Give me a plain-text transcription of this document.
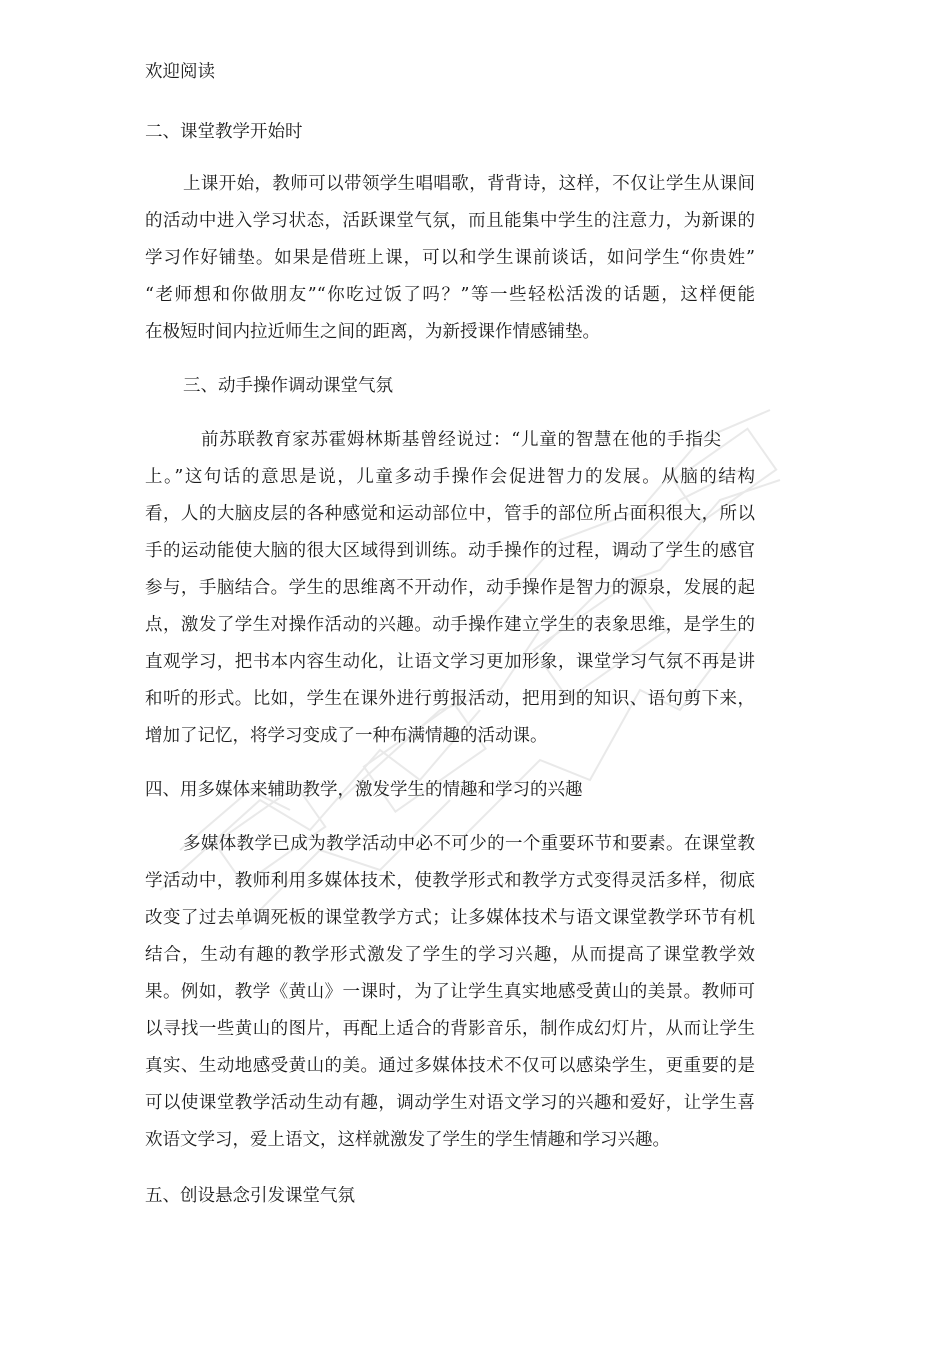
欢迎阅读
二、课堂教学开始时
上课开始，教师可以带领学生唱唱歌，背背诗，这样，不仅让学生从课间
的活动中进入学习状态，活跃课堂气氛，而且能集中学生的注意力，为新课的
学习作好铺垫。如果是借班上课，可以和学生课前谈话，如问学生“你贵姓”
“老师想和你做朋友”“你吃过饭了吗？”等一些轻松活泼的话题，这样便能
在极短时间内拉近师生之间的距离，为新授课作情感铺垫。
三、动手操作调动课堂气氛
前苏联教育家苏霍姆林斯基曾经说过：“儿童的智慧在他的手指尖
上。”这句话的意思是说，儿童多动手操作会促进智力的发展。从脑的结构
看，人的大脑皮层的各种感觉和运动部位中，管手的部位所占面积很大，所以
手的运动能使大脑的很大区域得到训练。动手操作的过程，调动了学生的感官
参与，手脑结合。学生的思维离不开动作，动手操作是智力的源泉，发展的起
点，激发了学生对操作活动的兴趣。动手操作建立学生的表象思维，是学生的
直观学习，把书本内容生动化，让语文学习更加形象，课堂学习气氛不再是讲
和听的形式。比如，学生在课外进行剪报活动，把用到的知识、语句剪下来，
增加了记忆，将学习变成了一种布满情趣的活动课。
四、用多媒体来辅助教学，激发学生的情趣和学习的兴趣
多媒体教学已成为教学活动中必不可少的一个重要环节和要素。在课堂教
学活动中，教师利用多媒体技术，使教学形式和教学方式变得灵活多样，彻底
改变了过去单调死板的课堂教学方式；让多媒体技术与语文课堂教学环节有机
结合，生动有趣的教学形式激发了学生的学习兴趣，从而提高了课堂教学效
果。例如，教学《黄山》一课时，为了让学生真实地感受黄山的美景。教师可
以寻找一些黄山的图片，再配上适合的背影音乐，制作成幻灯片，从而让学生
真实、生动地感受黄山的美。通过多媒体技术不仅可以感染学生，更重要的是
可以使课堂教学活动生动有趣，调动学生对语文学习的兴趣和爱好，让学生喜
欢语文学习，爱上语文，这样就激发了学生的学生情趣和学习兴趣。
五、创设悬念引发课堂气氛
